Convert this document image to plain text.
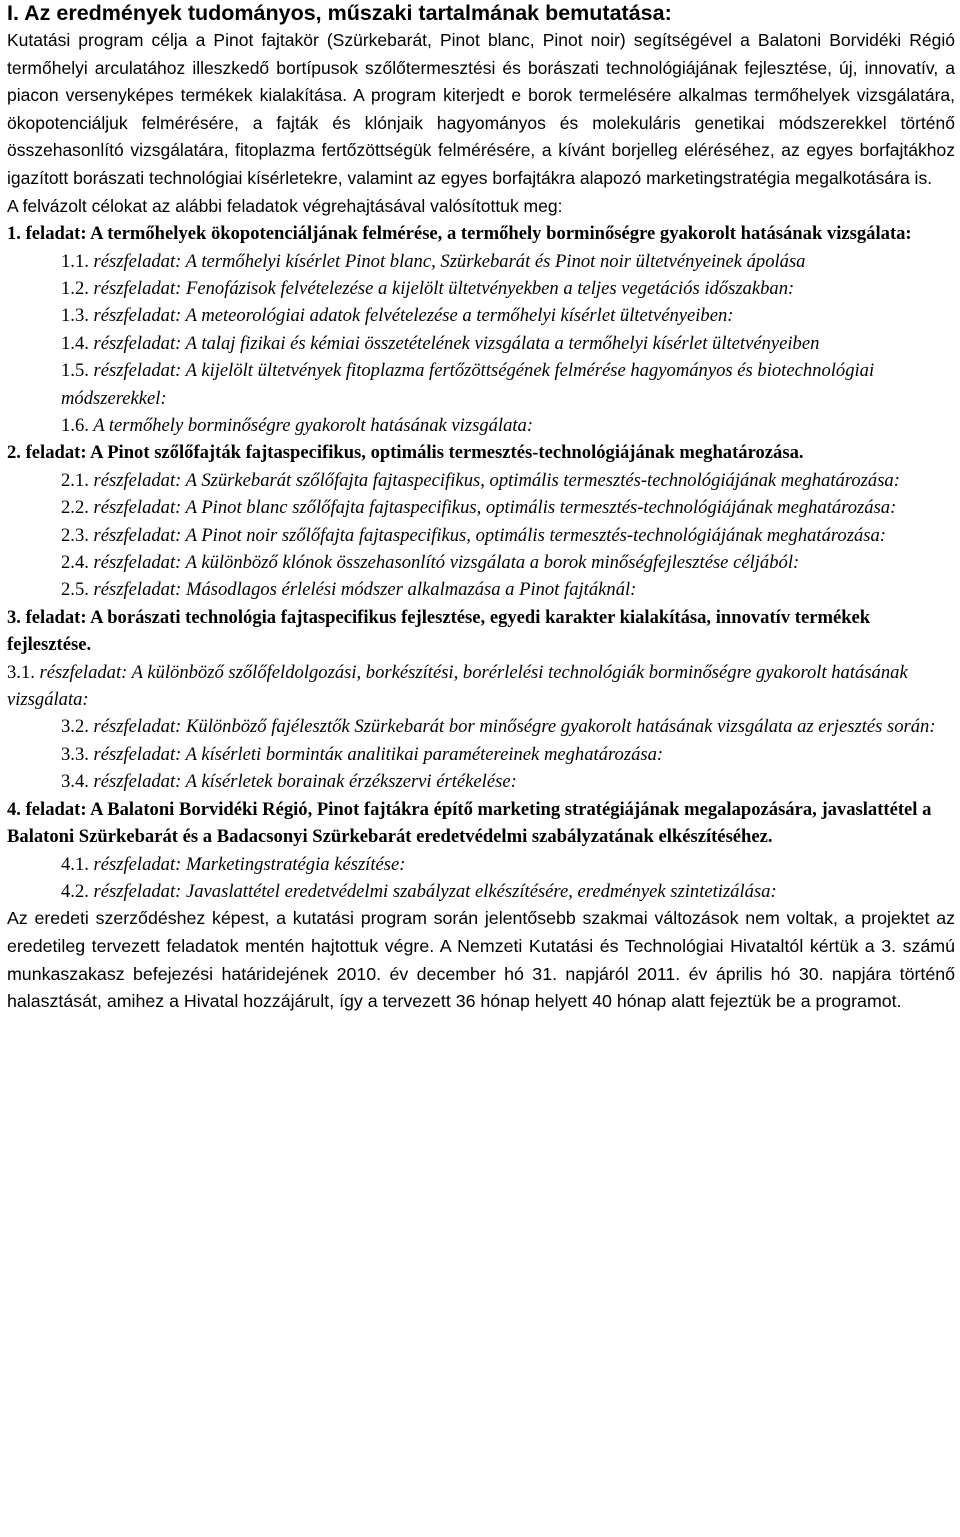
I. Az eredmények tudományos, műszaki tartalmának bemutatása:

Kutatási program célja a Pinot fajtakör (Szürkebarát, Pinot blanc, Pinot noir) segítségével a Balatoni Borvidéki Régió termőhelyi arculatához illeszkedő bortípusok szőlőtermesztési és borászati technológiájának fejlesztése, új, innovatív, a piacon versenyképes termékek kialakítása. A program kiterjedt e borok termelésére alkalmas termőhelyek vizsgálatára, ökopotenciáljuk felmérésére, a fajták és klónjaik hagyományos és molekuláris genetikai módszerekkel történő összehasonlító vizsgálatára, fitoplazma fertőzöttségük felmérésére, a kívánt borjelleg eléréséhez, az egyes borfajtákhoz igazított borászati technológiai kísérletekre, valamint az egyes borfajtákra alapozó marketingstratégia megalkotására is.

A felvázolt célokat az alábbi feladatok végrehajtásával valósítottuk meg:

1. feladat: A termőhelyek ökopotenciáljának felmérése, a termőhely borminőségre gyakorolt hatásának vizsgálata:

1.1. részfeladat: A termőhelyi kísérlet Pinot blanc, Szürkebarát és Pinot noir ültetvényeinek ápolása

1.2. részfeladat: Fenofázisok felvételezése a kijelölt ültetvényekben a teljes vegetációs időszakban:

1.3. részfeladat: A meteorológiai adatok felvételezése a termőhelyi kísérlet ültetvényeiben:

1.4. részfeladat: A talaj fizikai és kémiai összetételének vizsgálata a termőhelyi kísérlet ültetvényeiben

1.5. részfeladat: A kijelölt ültetvények fitoplazma fertőzöttségének felmérése hagyományos és biotechnológiai módszerekkel:

1.6. A termőhely borminőségre gyakorolt hatásának vizsgálata:

2. feladat: A Pinot szőlőfajták fajtaspecifikus, optimális termesztés-technológiájának meghatározása.

2.1. részfeladat: A Szürkebarát szőlőfajta fajtaspecifikus, optimális termesztés-technológiájának meghatározása:

2.2. részfeladat: A Pinot blanc szőlőfajta fajtaspecifikus, optimális termesztés-technológiájának meghatározása:

2.3. részfeladat: A Pinot noir szőlőfajta fajtaspecifikus, optimális termesztés-technológiájának meghatározása:

2.4. részfeladat: A különböző klónok összehasonlító vizsgálata a borok minőségfejlesztése céljából:

2.5. részfeladat: Másodlagos érlelési módszer alkalmazása a Pinot fajtáknál:

3. feladat: A borászati technológia fajtaspecifikus fejlesztése, egyedi karakter kialakítása, innovatív termékek fejlesztése.

3.1. részfeladat: A különböző szőlőfeldolgozási, borkészítési, borérlelési technológiák borminőségre gyakorolt hatásának vizsgálata:

3.2. részfeladat: Különböző fajélesztők Szürkebarát bor minőségre gyakorolt hatásának vizsgálata az erjesztés során:

3.3. részfeladat: A kísérleti bormintáк analitikai paramétereinek meghatározása:

3.4. részfeladat: A kísérletek borainak érzékszervi értékelése:

4. feladat: A Balatoni Borvidéki Régió, Pinot fajtákra építő marketing stratégiájának megalapozására, javaslattétel a Balatoni Szürkebarát és a Badacsonyi Szürkebarát eredetvédelmi szabályzatának elkészítéséhez.

4.1. részfeladat: Marketingstratégia készítése:

4.2. részfeladat: Javaslattétel eredetvédelmi szabályzat elkészítésére, eredmények szintetizálása:

Az eredeti szerződéshez képest, a kutatási program során jelentősebb szakmai változások nem voltak, a projektet az eredetileg tervezett feladatok mentén hajtottuk végre. A Nemzeti Kutatási és Technológiai Hivataltól kértük a 3. számú munkaszakasz befejezési határidejének 2010. év december hó 31. napjáról 2011. év április hó 30. napjára történő halasztását, amihez a Hivatal hozzájárult, így a tervezett 36 hónap helyett 40 hónap alatt fejeztük be a programot.
